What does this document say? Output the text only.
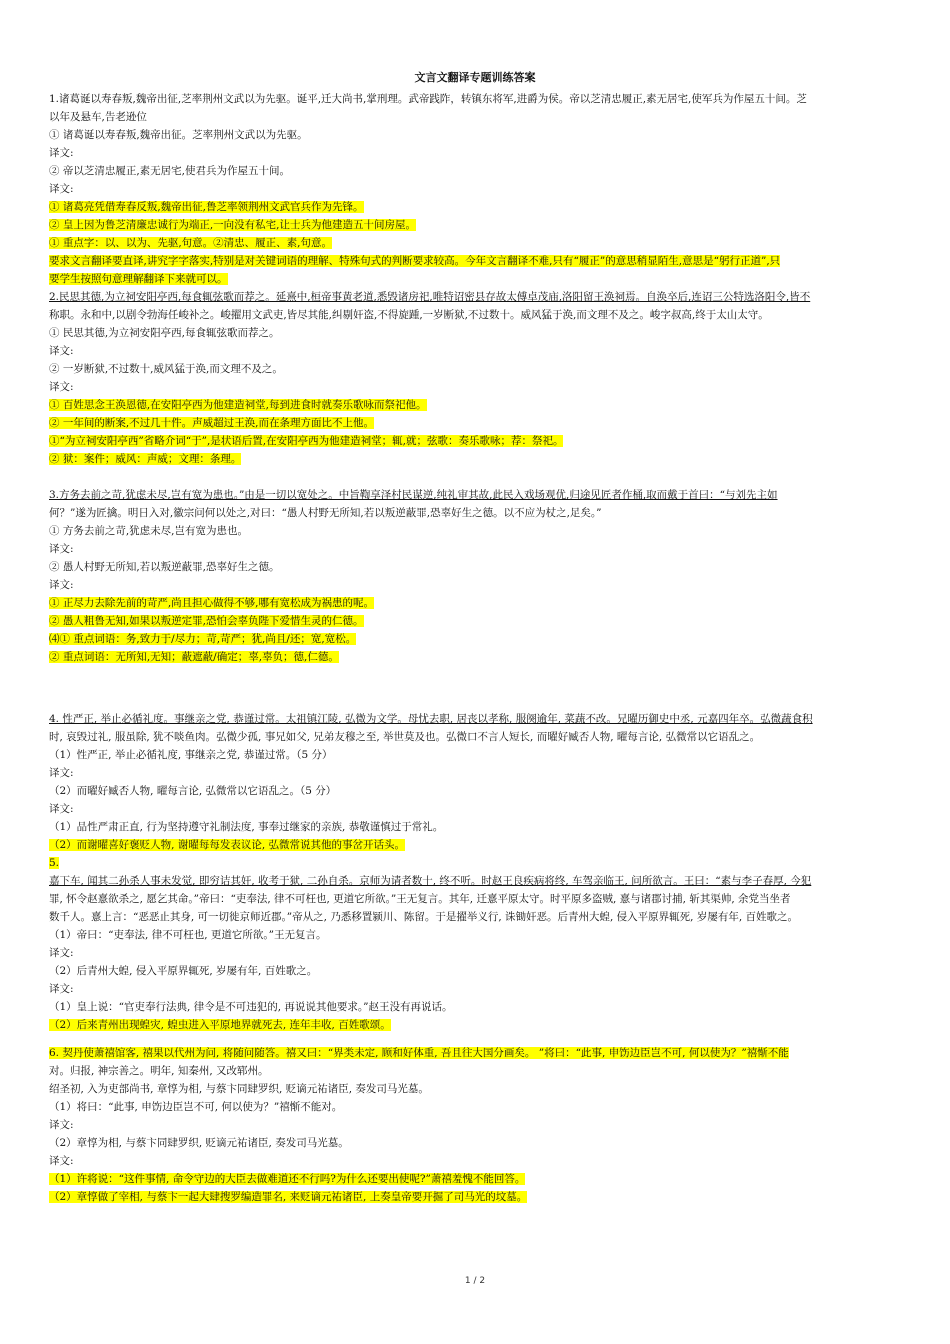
文言文翻译专题训练答案
1.诸葛诞以寿春叛,魏帝出征,芝率荆州文武以为先驱。诞平,迁大尚书,掌刑理。武帝践阼，转镇东将军,进爵为侯。帝以芝清忠履正,素无居宅,使军兵为作屋五十间。芝
以年及悬车,告老逊位
① 诸葛诞以寿春叛,魏帝出征。芝率荆州文武以为先驱。
译文:
② 帝以芝清忠履正,素无居宅,使君兵为作屋五十间。
译文:
① 诸葛亮凭借寿春反叛,魏帝出征,鲁芝率领荆州文武官兵作为先锋。
② 皇上因为鲁芝清廉忠诚行为端正,一向没有私宅,让士兵为他建造五十间房屋。
① 重点字：以、以为、先驱,句意。②清忠、履正、素,句意。
要求文言翻译要直译,讲究字字落实,特别是对关键词语的理解、特殊句式的判断要求较高。今年文言翻译不难,只有“履正”的意思稍显陌生,意思是“躬行正道”,只
要学生按照句意理解翻译下来就可以。
2.民思其德,为立祠安阳亭西,每食辄弦歌而荐之。延熹中,桓帝事黄老道,悉毁诸房祀,唯特诏密县存故太傅卓茂庙,洛阳留王涣祠焉。自涣卒后,连诏三公特选洛阳令,皆不
称职。永和中,以剧令勃海任峻补之。峻擢用文武吏,皆尽其能,纠剔奸盗,不得旋踵,一岁断狱,不过数十。威风猛于涣,而文理不及之。峻字叔高,终于太山太守。
① 民思其德,为立祠安阳亭西,每食辄弦歌而荐之。
译文:
② 一岁断狱,不过数十,威风猛于涣,而文理不及之。
译文:
① 百姓思念王涣恩德,在安阳亭西为他建造祠堂,每到进食时就奏乐歌咏而祭祀他。
② 一年间的断案,不过几十件。声威超过王涣,而在条理方面比不上他。
①“为立祠安阳亭西”省略介词“于”,是状语后置,在安阳亭西为他建造祠堂；辄,就；弦歌：奏乐歌咏；荐：祭祀。
② 狱：案件；威风：声威；文理：条理。
3.方务去前之苛,犹虑未尽,岂有宽为患也。”由是一切以宽处之。中旨鞫享泽村民谋逆,纯礼审其故,此民入戏场观优,归途见匠者作桶,取而戴于首曰：“与刘先主如
何？”遂为匠擒。明日入对,徽宗问何以处之,对曰：“愚人村野无所知,若以叛逆蔽罪,恐辜好生之德。以不应为杖之,足矣。”
① 方务去前之苛,犹虑未尽,岂有宽为患也。
译文:
② 愚人村野无所知,若以叛逆蔽罪,恐辜好生之德。
译文:
① 正尽力去除先前的苛严,尚且担心做得不够,哪有宽松成为祸患的呢。
② 愚人粗鲁无知,如果以叛逆定罪,恐怕会辜负陛下爱惜生灵的仁德。
⑷① 重点词语：务,致力于/尽力；苛,苛严；犹,尚且/还；宽,宽松。
② 重点词语：无所知,无知；蔽遮蔽/确定；辜,辜负；德,仁德。
4. 性严正, 举止必循礼度。事继亲之党, 恭谨过常。太祖镇江陵, 弘微为文学。母忧去职, 居丧以孝称, 服阕逾年, 菜蔬不改。兄曜历御史中丞, 元嘉四年卒。弘微蔬食积
时, 哀毁过礼, 服虽除, 犹不啖鱼肉。弘微少孤, 事兄如父, 兄弟友穆之至, 举世莫及也。弘微口不言人短长, 而曜好臧否人物, 曜每言论, 弘微常以它语乱之。
（1）性严正, 举止必循礼度, 事继亲之党, 恭谨过常。（5 分）
译文:
（2）而曜好臧否人物, 曜每言论, 弘微常以它语乱之。（5 分）
译文:
（1）品性严肃正直, 行为坚持遵守礼制法度, 事奉过继家的亲族, 恭敬谨慎过于常礼。
（2）而谢曜喜好褒贬人物, 谢曜每每发表议论, 弘微常说其他的事岔开话头。
5.
嘉下车, 闻其二孙杀人事未发觉, 即穷诘其奸, 收考于狱, 二孙自杀。京师为请者数十, 终不听。时赵王良疾病将终, 车驾亲临王, 问所欲言。王曰：“素与李子春厚, 今犯
罪, 怀令赵憙欲杀之, 愿乞其命。”帝曰：“吏奉法, 律不可枉也, 更道它所欲。”王无复言。其年, 迁憙平原太守。时平原多盗贼, 憙与诸郡讨捕, 斩其渠帅, 余党当坐者
数千人。憙上言：“恶恶止其身, 可一切徙京师近郡。”帝从之, 乃悉移置颍川、陈留。于是擢举义行, 诛锄奸恶。后青州大蝗, 侵入平原界辄死, 岁屡有年, 百姓歌之。
（1）帝曰：“吏奉法, 律不可枉也, 更道它所欲。”王无复言。
译文:
（2）后青州大蝗, 侵入平原界辄死, 岁屡有年, 百姓歌之。
译文:
（1）皇上说：“官吏奉行法典, 律令是不可违犯的, 再说说其他要求。”赵王没有再说话。
（2）后来青州出现蝗灾, 蝗虫进入平原地界就死去, 连年丰收, 百姓歌颂。
6. 契丹使萧禧馆客, 禧果以代州为问, 将随问随答。禧又曰：“界类未定, 顾和好体重, 吾且往大国分画矣。 ”将曰：“此事, 申饬边臣岂不可, 何以使为？”禧惭不能
对。归报, 神宗善之。明年, 知秦州, 又改郓州。
绍圣初, 入为吏部尚书, 章惇为相, 与蔡卞同肆罗织, 贬谪元祐诸臣, 奏发司马光墓。
（1）将曰：“此事, 申饬边臣岂不可, 何以使为？”禧惭不能对。
译文:
（2）章惇为相, 与蔡卞同肆罗织, 贬谪元祐诸臣, 奏发司马光墓。
译文:
（1）许将说：“这件事情, 命令守边的大臣去做难道还不行吗?为什么还要出使呢?”萧禧羞愧不能回答。
（2）章惇做了宰相, 与蔡卞一起大肆搜罗编造罪名, 来贬谪元祐诸臣, 上奏皇帝要开掘了司马光的坟墓。
1 / 2
